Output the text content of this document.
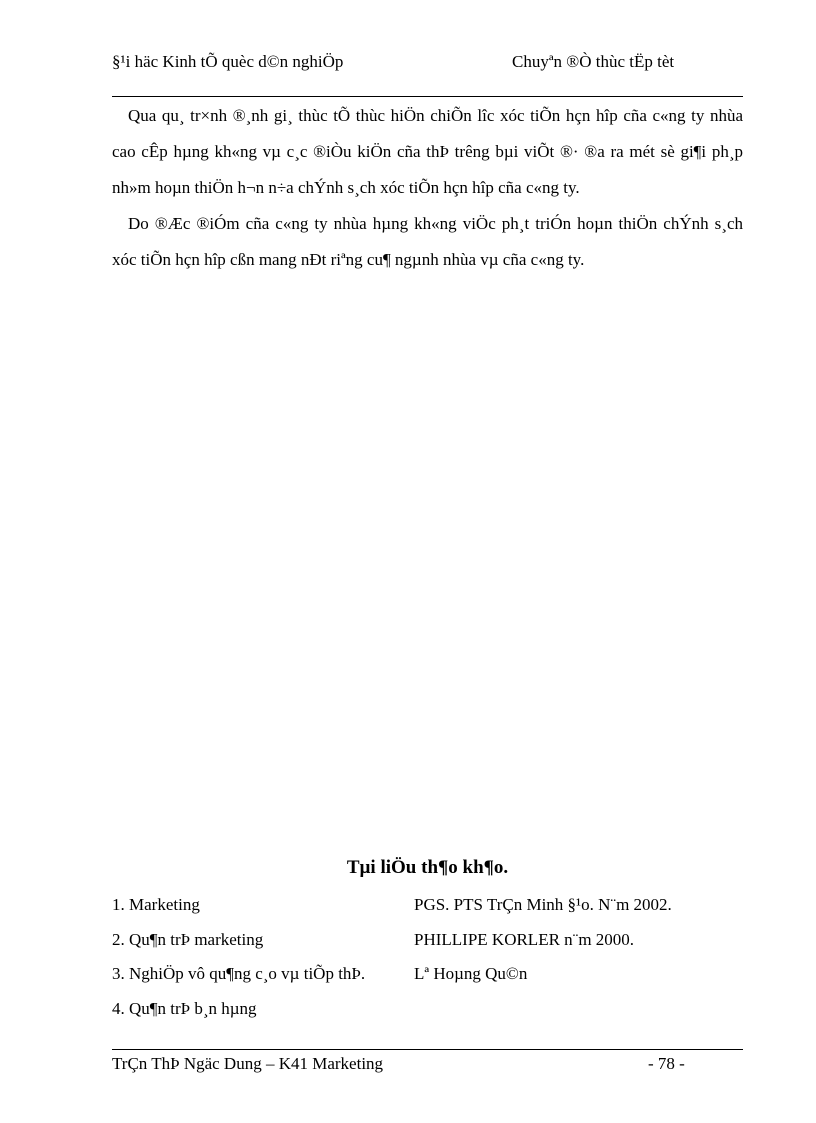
§¹i häc Kinh tÕ quèc d©n nghiÖp	Chuyªn ®Ò thùc tËp tèt

Qua qu¸ tr×nh ®¸nh gi¸ thùc tÕ thùc hiÖn chiÕn lîc xóc tiÕn hçn hîp cña c«ng ty nhùa cao cÊp hµng kh«ng vµ c¸c ®iÒu kiÖn cña thÞ trêng bµi viÕt ®· ®a ra mét sè gi¶i ph¸p nh»m hoµn thiÖn h¬n n÷a chÝnh s¸ch xóc tiÕn hçn hîp cña c«ng ty.

Do ®Æc ®iÓm cña c«ng ty nhùa hµng kh«ng viÖc ph¸t triÓn hoµn thiÖn chÝnh s¸ch xóc tiÕn hçn hîp cßn mang nÐt riªng cu¶ ngµnh nhùa vµ cña c«ng ty.

Tµi liÖu th¶o kh¶o.
1. Marketing	PGS. PTS TrÇn Minh §¹o. N¨m 2002.
2. Qu¶n trÞ marketing	PHILLIPE KORLER n¨m 2000.
3. NghiÖp vô qu¶ng c¸o vµ tiÕp thÞ.	Lª Hoµng Qu©n
4. Qu¶n trÞ b¸n hµng
TrÇn ThÞ Ngäc Dung – K41 Marketing	- 78 -
